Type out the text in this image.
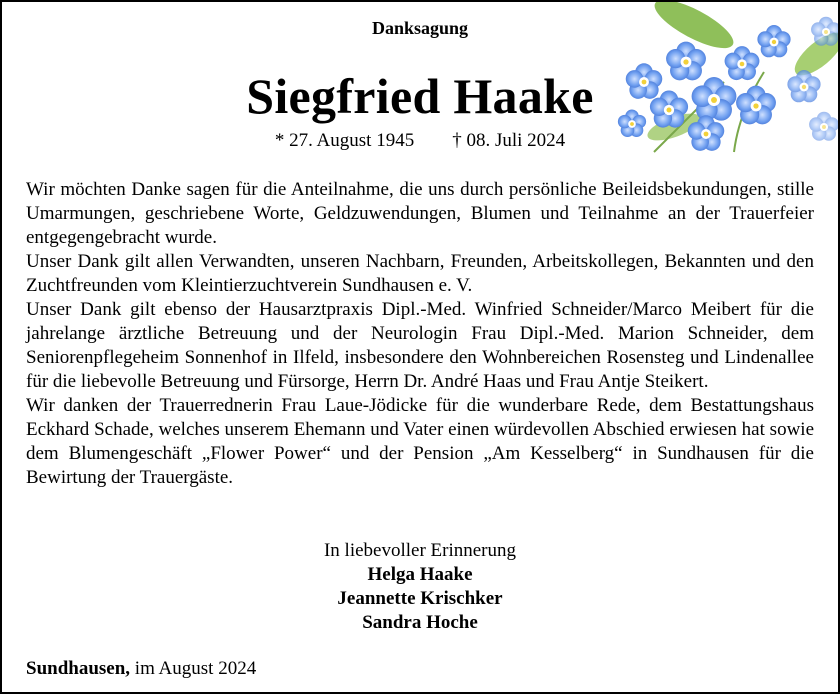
Danksagung
Siegfried Haake
* 27. August 1945 † 08. Juli 2024

Wir möchten Danke sagen für die Anteilnahme, die uns durch persönliche Beileidsbekundungen, stille Umarmungen, geschriebene Worte, Geldzuwendungen, Blumen und Teilnahme an der Trauerfeier entgegengebracht wurde.

Unser Dank gilt allen Verwandten, unseren Nachbarn, Freunden, Arbeitskollegen, Bekannten und den Zuchtfreunden vom Kleintierzuchtverein Sundhausen e. V.

Unser Dank gilt ebenso der Hausarztpraxis Dipl.-Med. Winfried Schneider/Marco Meibert für die jahrelange ärztliche Betreuung und der Neurologin Frau Dipl.-Med. Marion Schneider, dem Seniorenpflegeheim Sonnenhof in Ilfeld, insbesondere den Wohnbereichen Rosensteg und Lindenallee für die liebevolle Betreuung und Fürsorge, Herrn Dr. André Haas und Frau Antje Steikert.

Wir danken der Trauerrednerin Frau Laue-Jödicke für die wunderbare Rede, dem Bestattungshaus Eckhard Schade, welches unserem Ehemann und Vater einen würdevollen Abschied erwiesen hat sowie dem Blumengeschäft „Flower Power“ und der Pension „Am Kesselberg“ in Sundhausen für die Bewirtung der Trauergäste.

In liebevoller Erinnerung
Helga Haake
Jeannette Krischker
Sandra Hoche
Sundhausen, im August 2024
